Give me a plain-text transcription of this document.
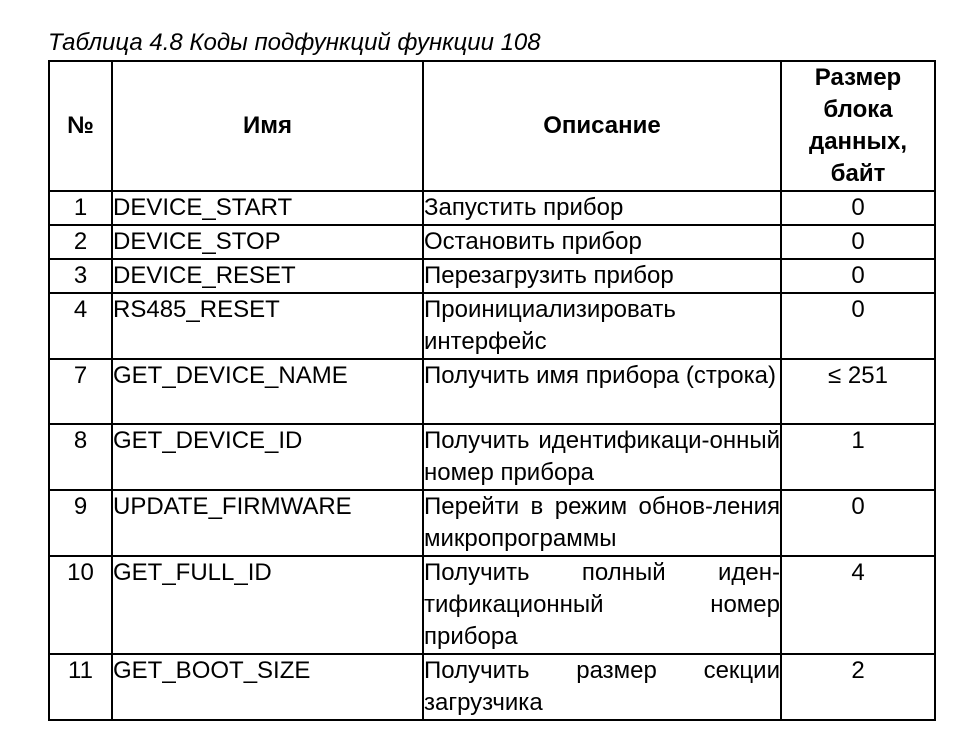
Таблица 4.8 Коды подфункций функции 108
№	Имя	Описание	Размер блока данных, байт
1	DEVICE_START	Запустить прибор	0
2	DEVICE_STOP	Остановить прибор	0
3	DEVICE_RESET	Перезагрузить прибор	0
4	RS485_RESET	Проинициализировать интерфейс	0
7	GET_DEVICE_NAME	Получить имя прибора (строка)	≤ 251
8	GET_DEVICE_ID	Получить идентификаци-онный номер прибора	1
9	UPDATE_FIRMWARE	Перейти в режим обнов-ления микропрограммы	0
10	GET_FULL_ID	Получить полный иден-тификационный номер прибора	4
11	GET_BOOT_SIZE	Получить размер секции загрузчика	2
